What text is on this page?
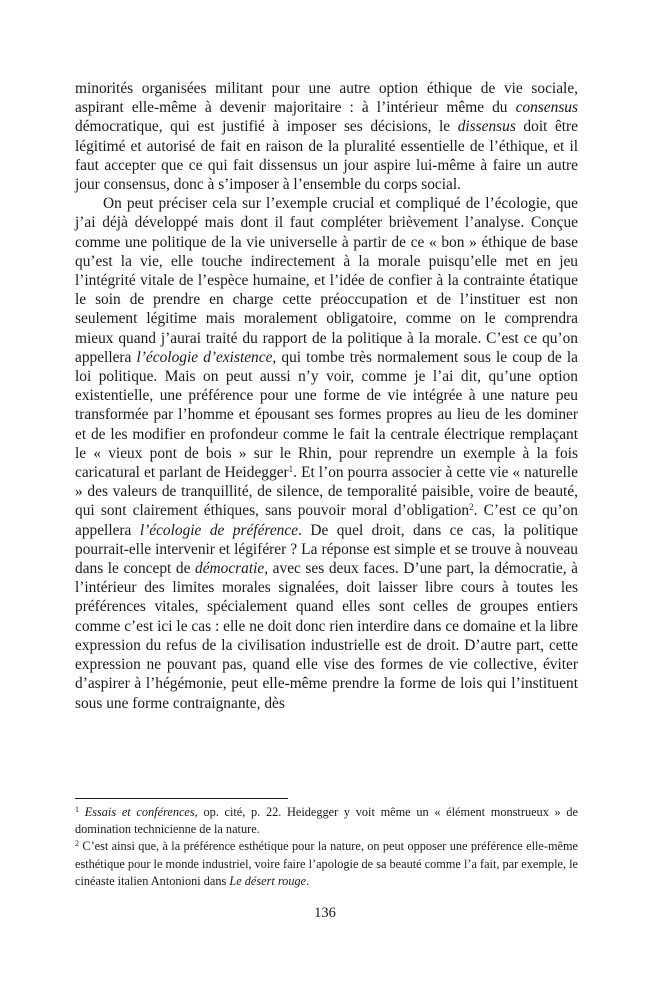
minorités organisées militant pour une autre option éthique de vie sociale, aspirant elle-même à devenir majoritaire : à l’intérieur même du consensus démocratique, qui est justifié à imposer ses décisions, le dissensus doit être légitimé et autorisé de fait en raison de la pluralité essentielle de l’éthique, et il faut accepter que ce qui fait dissensus un jour aspire lui-même à faire un autre jour consensus, donc à s’imposer à l’ensemble du corps social.

On peut préciser cela sur l’exemple crucial et compliqué de l’écologie, que j’ai déjà développé mais dont il faut compléter brièvement l’analyse. Conçue comme une politique de la vie universelle à partir de ce « bon » éthique de base qu’est la vie, elle touche indirectement à la morale puisqu’elle met en jeu l’intégrité vitale de l’espèce humaine, et l’idée de confier à la contrainte étatique le soin de prendre en charge cette préoccupation et de l’instituer est non seulement légitime mais moralement obligatoire, comme on le comprendra mieux quand j’aurai traité du rapport de la politique à la morale. C’est ce qu’on appellera l’écologie d’existence, qui tombe très normalement sous le coup de la loi politique. Mais on peut aussi n’y voir, comme je l’ai dit, qu’une option existentielle, une préférence pour une forme de vie intégrée à une nature peu transformée par l’homme et épousant ses formes propres au lieu de les dominer et de les modifier en profondeur comme le fait la centrale électrique remplaçant le « vieux pont de bois » sur le Rhin, pour reprendre un exemple à la fois caricatural et parlant de Heidegger$^1$. Et l’on pourra associer à cette vie « naturelle » des valeurs de tranquillité, de silence, de temporalité paisible, voire de beauté, qui sont clairement éthiques, sans pouvoir moral d’obligation$^2$. C’est ce qu’on appellera l’écologie de préférence. De quel droit, dans ce cas, la politique pourrait-elle intervenir et légiférer ? La réponse est simple et se trouve à nouveau dans le concept de démocratie, avec ses deux faces. D’une part, la démocratie, à l’intérieur des limites morales signalées, doit laisser libre cours à toutes les préférences vitales, spécialement quand elles sont celles de groupes entiers comme c’est ici le cas : elle ne doit donc rien interdire dans ce domaine et la libre expression du refus de la civilisation industrielle est de droit. D’autre part, cette expression ne pouvant pas, quand elle vise des formes de vie collective, éviter d’aspirer à l’hégémonie, peut elle-même prendre la forme de lois qui l’instituent sous une forme contraignante, dès

$^1$ Essais et conférences, op. cité, p. 22. Heidegger y voit même un « élément monstrueux » de domination technicienne de la nature.

$^2$ C’est ainsi que, à la préférence esthétique pour la nature, on peut opposer une préférence elle-même esthétique pour le monde industriel, voire faire l’apologie de sa beauté comme l’a fait, par exemple, le cinéaste italien Antonioni dans Le désert rouge.

136
